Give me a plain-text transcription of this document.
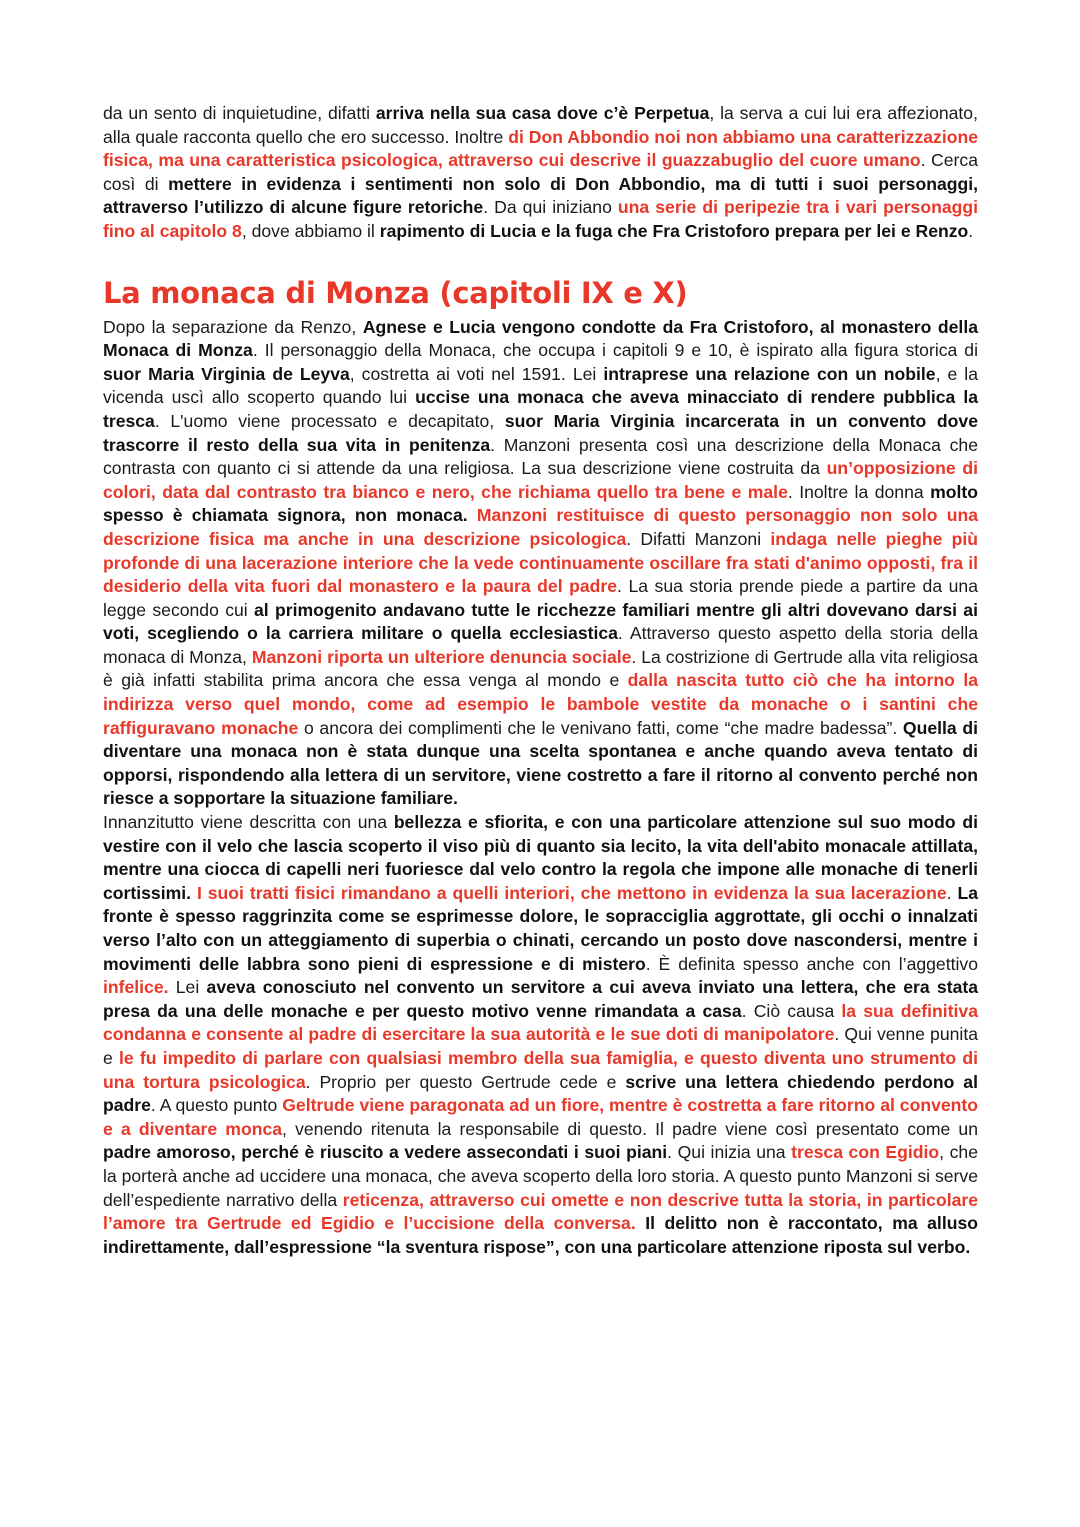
da un sento di inquietudine, difatti arriva nella sua casa dove c’è Perpetua, la serva a cui lui era affezionato, alla quale racconta quello che ero successo. Inoltre di Don Abbondio noi non abbiamo una caratterizzazione fisica, ma una caratteristica psicologica, attraverso cui descrive il guazzabuglio del cuore umano. Cerca così di mettere in evidenza i sentimenti non solo di Don Abbondio, ma di tutti i suoi personaggi, attraverso l’utilizzo di alcune figure retoriche. Da qui iniziano una serie di peripezie tra i vari personaggi fino al capitolo 8, dove abbiamo il rapimento di Lucia e la fuga che Fra Cristoforo prepara per lei e Renzo.

La monaca di Monza (capitoli IX e X)

Dopo la separazione da Renzo, Agnese e Lucia vengono condotte da Fra Cristoforo, al monastero della Monaca di Monza. Il personaggio della Monaca, che occupa i capitoli 9 e 10, è ispirato alla figura storica di suor Maria Virginia de Leyva, costretta ai voti nel 1591. Lei intraprese una relazione con un nobile, e la vicenda uscì allo scoperto quando lui uccise una monaca che aveva minacciato di rendere pubblica la tresca. L'uomo viene processato e decapitato, suor Maria Virginia incarcerata in un convento dove trascorre il resto della sua vita in penitenza. Manzoni presenta così una descrizione della Monaca che contrasta con quanto ci si attende da una religiosa. La sua descrizione viene costruita da un’opposizione di colori, data dal contrasto tra bianco e nero, che richiama quello tra bene e male. Inoltre la donna molto spesso è chiamata signora, non monaca. Manzoni restituisce di questo personaggio non solo una descrizione fisica ma anche in una descrizione psicologica. Difatti Manzoni indaga nelle pieghe più profonde di una lacerazione interiore che la vede continuamente oscillare fra stati d'animo opposti, fra il desiderio della vita fuori dal monastero e la paura del padre. La sua storia prende piede a partire da una legge secondo cui al primogenito andavano tutte le ricchezze familiari mentre gli altri dovevano darsi ai voti, scegliendo o la carriera militare o quella ecclesiastica. Attraverso questo aspetto della storia della monaca di Monza, Manzoni riporta un ulteriore denuncia sociale. La costrizione di Gertrude alla vita religiosa è già infatti stabilita prima ancora che essa venga al mondo e dalla nascita tutto ciò che ha intorno la indirizza verso quel mondo, come ad esempio le bambole vestite da monache o i santini che raffiguravano monache o ancora dei complimenti che le venivano fatti, come “che madre badessa”. Quella di diventare una monaca non è stata dunque una scelta spontanea e anche quando aveva tentato di opporsi, rispondendo alla lettera di un servitore, viene costretto a fare il ritorno al convento perché non riesce a sopportare la situazione familiare.

Innanzitutto viene descritta con una bellezza e sfiorita, e con una particolare attenzione sul suo modo di vestire con il velo che lascia scoperto il viso più di quanto sia lecito, la vita dell'abito monacale attillata, mentre una ciocca di capelli neri fuoriesce dal velo contro la regola che impone alle monache di tenerli cortissimi. I suoi tratti fisici rimandano a quelli interiori, che mettono in evidenza la sua lacerazione. La fronte è spesso raggrinzita come se esprimesse dolore, le sopracciglia aggrottate, gli occhi o innalzati verso l’alto con un atteggiamento di superbia o chinati, cercando un posto dove nascondersi, mentre i movimenti delle labbra sono pieni di espressione e di mistero. È definita spesso anche con l’aggettivo infelice. Lei aveva conosciuto nel convento un servitore a cui aveva inviato una lettera, che era stata presa da una delle monache e per questo motivo venne rimandata a casa. Ciò causa la sua definitiva condanna e consente al padre di esercitare la sua autorità e le sue doti di manipolatore. Qui venne punita e le fu impedito di parlare con qualsiasi membro della sua famiglia, e questo diventa uno strumento di una tortura psicologica. Proprio per questo Gertrude cede e scrive una lettera chiedendo perdono al padre. A questo punto Geltrude viene paragonata ad un fiore, mentre è costretta a fare ritorno al convento e a diventare monca, venendo ritenuta la responsabile di questo. Il padre viene così presentato come un padre amoroso, perché è riuscito a vedere assecondati i suoi piani. Qui inizia una tresca con Egidio, che la porterà anche ad uccidere una monaca, che aveva scoperto della loro storia. A questo punto Manzoni si serve dell’espediente narrativo della reticenza, attraverso cui omette e non descrive tutta la storia, in particolare l’amore tra Gertrude ed Egidio e l’uccisione della conversa. Il delitto non è raccontato, ma alluso indirettamente, dall’espressione “la sventura rispose”, con una particolare attenzione riposta sul verbo.
